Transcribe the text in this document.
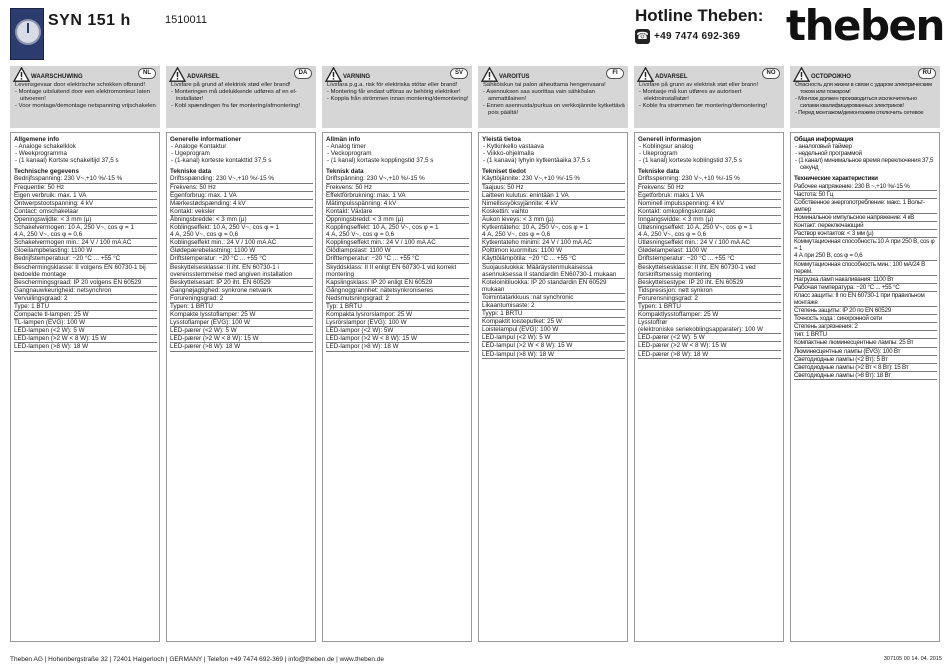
SYN 151 h	1510011	Hotline Theben:
☎ +49 7474 692-369 theben
WAARSCHUWING
NL
Levensgevaar door elektrische schokken ofbrand!
- Montage uitsluitend door een elektromonteur laten uitvoeren!
- Voor montage/demontage netspanning vrijschakelen
Allgemene info
- Analoge schakelklok
- Weekprogramma
- (1 kanaal) Kortste schakeltijd 37,5 s
Technische gegevens
Bedrijfsspanning: 230 V~,+10 %/-15 %
Frequentie: 50 Hz
Eigen verbruik: max. 1 VA
Ontwerpstootspanning: 4 kV
Contact: omschakelaar
Openingswijdte: < 3 mm (µ)
Schakelvermogen: 10 A, 250 V~, cos φ = 1
4 A, 250 V~, cos φ = 0,6
Schakelvermogen min.: 24 V / 100 mA AC
Gloeilampbelasting: 1100 W
Bedrijfstemperatuur: −20 °C ... +55 °C
Beschermingsklasse: II volgens EN 60730-1 bij bedoelde montage
Beschermingsgraad: IP 20 volgens EN 60529
Gangnauwkeurigheid: netsynchron
Vervuilingsgraad: 2
Type: 1 BTU
Compacte tl-lampen: 25 W
TL-lampen (EVG): 100 W
LED-lampen (<2 W): 5 W
LED-lampen (>2 W < 8 W): 15 W
LED-lampen (>8 W): 18 W
ADVARSEL
DA
Livsfare på grund af elektrisk stød eller brand!
- Monteringen må udelukkende udføres af en el-installatør!
- Kobl spændingen fra før montering/afmontering!
Generelle informationer
- Analoge Kontaktur
- Ugeprogram
- (1-kanal) korteste kontakttid 37,5 s
Tekniske data
Driftsspænding: 230 V~,+10 %/-15 %
Frekvens: 50 Hz
Egenforbrug: max. 1 VA
Mærkestødspænding: 4 kV
Kontakt: veksler
Åbningsbredde: < 3 mm (µ)
Koblingseffekt: 10 A, 250 V~, cos φ = 1
4 A, 250 V~, cos φ = 0,6
Koblingseffekt min.: 24 V / 100 mA AC
Glødepærebelastning: 1100 W
Driftstemperatur: −20 °C ... +55 °C
Beskyttelsesklasse: II iht. EN 60730-1 i overensstemmelse med angiven installation
Beskyttelsesart: IP 20 iht. EN 60529
Gangnøjagtighed: synkrone netværk
Forureningsgrad: 2
Typen: 1 BRTU
Kompakte lysstoflamper: 25 W
Lysstoflamper (EVG): 100 W
LED-pærer (<2 W): 5 W
LED-pærer (>2 W < 8 W): 15 W
LED-pærer (>8 W): 18 W
VARNING
SV
Livsfara p.g.a. risk för elektriska stötar eller brand!
- Montering får endast utföras av behörig elektriker!
- Koppla från strömmen innan montering/demontering!
Allmän info
- Analog timer
- Veckoprogram
- (1 kanal) kortaste kopplingstid 37,5 s
Teknisk data
Driftspänning: 230 V~,+10 %/-15 %
Frekvens: 50 Hz
Effektförbrukning: max. 1 VA
Mätimpulsspänning: 4 kV
Kontakt: Växlare
Öppningsbredd: < 3 mm (µ)
Kopplingseffekt: 10 A, 250 V~, cos φ = 1
4 A, 250 V~, cos φ = 0,6
Kopplingseffekt min.: 24 V / 100 mA AC
Glödlampslast: 1100 W
Drifttemperatur: −20 °C ... +55 °C
Skyddsklass: II II enligt EN 60730-1 vid korrekt montering
Kapslingsklass: IP 20 enligt EN 60529
Gångnoggrannhet: nätetsynkroniseres
Nedsmutsningsgrad: 2
Typ: 1 BRTU
Kompakta lysrorslampor: 25 W
Lysrörslampor (EVG): 100 W
LED-lampor (<2 W): 5W
LED-lampor (>2 W < 8 W): 15 W
LED-lampor (>8 W): 18 W
VAROITUS
FI
Sähköiskun tai palon aiheuttama hengenvaara!
- Asennuksen saa suorittaa vain sähköalan ammattilainen!
- Ennen asennusta/purkua on verkkojännite kytkettävä pois päältä!
Yleistä tietoa
- Kytkinkello vastaava
- Viikko-ohjelmalla
- (1 kanava) lyhyin kytkentäaika 37,5 s
Tekniset tiedot
Käyttöjännite: 230 V~,+10 %/-15 %
Taajuus: 50 Hz
Laitteen kulutus: enintään 1 VA
Nimellissyöksyjännite: 4 kV
Koskettin: vaihto
Aukon leveys: < 3 mm (µ)
Kytkentäteho: 10 A, 250 V~, cos φ = 1
4 A, 250 V~, cos φ = 0,6
Kytkentateho minimi: 24 V / 100 mA AC
Polttimon kuormitus: 1100 W
Käyttölämpötila: −20 °C ... +55 °C
Suojausluokka: Määräystenmukaisessa asennuksessa II standardin EN60730-1 mukaan
Koteloinitiluokka: IP 20 standardin EN 60529 mukaan
Toimintatarkkuus :nat synchronic
Likaantumisaste: 2
Tyypi: 1 BRTU
Kompaktit loisteputket: 25 W
Loistelampul (EVG): 100 W
LED-lampul (<2 W): 5 W
LED-lampul (>2 W < 8 W): 15 W
LED-lampul (>8 W): 18 W
ADVARSEL
NO
Livsfare på grunn av elektrisk støt eller brann!
- Montasje må kun utføres av autorisert elektroinstallatør!
- Koble fra strømmen før montering/demontering!
Generell informasjon
- Koblingsur analog
- Ukeprogram
- (1 kanal) korteste koblingstid 37,5 s
Tekniske data
Driftsspenning: 230 V~,+10 %/-15 %
Frekvens: 50 Hz
Egetforbruk: maks 1 VA
Nominell impulsspenning: 4 kV
Kontakt: omkoplingskontakt
Inngangsvidde: < 3 mm (µ)
Utløsningseffekt: 10 A, 250 V~, cos φ = 1
4 A, 250 V~, cos φ = 0,6
Utløsningseffekt min.: 24 V / 100 mA AC
Glødelampelast: 1100 W
Driftstemperatur: −20 °C ... +55 °C
Beskyttelsesklasse: II iht. EN 60730-1 ved forskriftsmessig montering
Beskyttelsestype: IP 20 iht. EN 60529
Tidspresisjon: nett synkron
Forurensningsgrad: 2
Typen: 1 BRTU
Kompaktlysstoffamper: 25 W
Lysstoffrør
(elektroniske seriekoblingsapparater): 100 W
LED-pærer (<2 W): 5 W
LED-pærer (>2 W < 8 W): 15 W
LED-pærer (>8 W): 18 W
ОСТОРОЖНО
RU
Опасность для жизни в связи с ударом электрическим током или пожаром!
- Монтаж должен производиться исключительно силами квалифицированных электриков!
- Перед монтажом/демонтажем отключить сетевое
Общая информация
- аналоговый таймер
- недельной программой
- (1 канал) минимальное время переключения 37,5 секунд
Технические характеристики
Рабочее напряжение: 230 В ~,+10 %/-15 %
Частота: 50 Гц
Собственное энергопотребление: макс. 1 Вольт-ампер
Номинальное импульсное напряжение: 4 кВ
Контакт: переключающий
Раствор контактов: < 3 мм (µ)
Коммутационная способность:10 А при 250 В, cos φ = 1
4 А при 250 В, cos φ = 0,6
Коммутационная способность мин.: 100 мА/24 В перем.
Нагрузка ламп накаливания: 1100 Вт
Рабочая температура: −20 °C ... +55 °C
Класс защиты: II по EN 60730-1 при правильном монтаже
Степень защиты: IP 20 по EN 60529
Точность хода : синхронной сети
Степень загрязнения: 2
тип: 1 BRTU
Компактные люминесцентные лампы: 25 Вт
Люминесцентные лампы (EVG): 100 Вт
Светодиодные лампы (<2 Вт): 5 Вт
Светодиодные лампы (>2 Вт < 8 Вт): 15 Вт
Светодиодные лампы (>8 Вт): 18 Вт
Theben AG | Hohenbergstraße 32 | 72401 Haigerloch | GERMANY | Telefon +49 7474 692-369 | info@theben.de | www.theben.de	307105 00 14. 04. 2015
